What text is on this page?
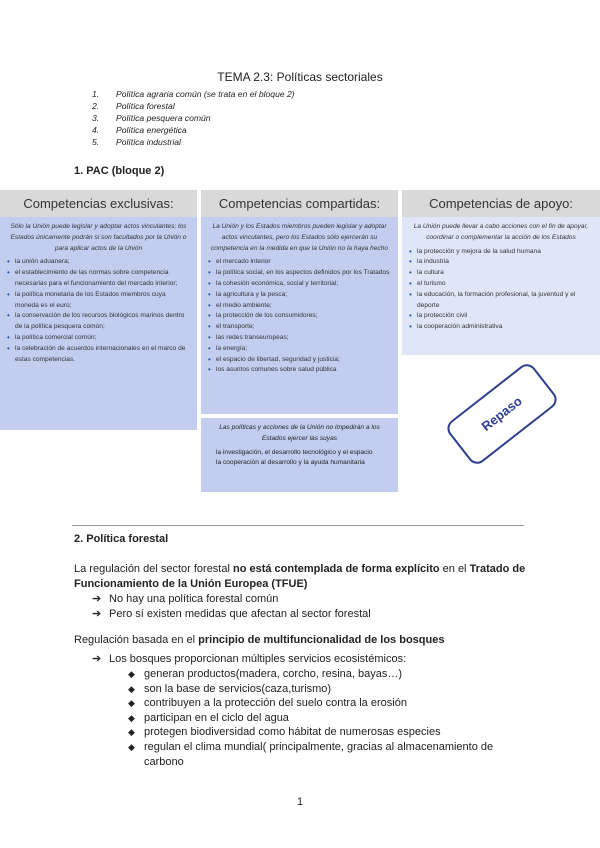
TEMA 2.3: Políticas sectoriales
1. Política agraria común (se trata en el bloque 2)
2. Política forestal
3. Política pesquera común
4. Política energética
5. Política industrial
1. PAC (bloque 2)
Competencias exclusivas:
Sólo la Unión puede legislar y adoptar actos vinculantes; los Estados únicamente podrán si son facultados por la Unión o para aplicar actos de la Unión
• la unión aduanera;
• el establecimiento de las normas sobre competencia necesarias para el funcionamiento del mercado interior;
• la política monetaria de los Estados miembros cuya moneda es el euro;
• la conservación de los recursos biológicos marinos dentro de la política pesquera común;
• la política comercial común;
• la celebración de acuerdos internacionales en el marco de estas competencias.
Competencias compartidas:
La Unión y los Estados miembros pueden legislar y adoptar actos vinculantes, pero los Estados sólo ejercerán su competencia en la medida en que la Unión no la haya hecho
• el mercado interior
• la política social, en los aspectos definidos por los Tratados
• la cohesión económica, social y territorial;
• la agricultura y la pesca;
• el medio ambiente;
• la protección de los consumidores;
• el transporte;
• las redes transeuropeas;
• la energía;
• el espacio de libertad, seguridad y justicia;
• los asuntos comunes sobre salud pública
Las políticas y acciones de la Unión no impedirán a los Estados ejercer las suyas
la investigación, el desarrollo tecnológico y el espacio
la cooperación al desarrollo y la ayuda humanitaria
Competencias de apoyo:
La Unión puede llevar a cabo acciones con el fin de apoyar, coordinar o complementar la acción de los Estados
• la protección y mejora de la salud humana
• la industria
• la cultura
• el turismo
• la educación, la formación profesional, la juventud y el deporte
• la protección civil
• la cooperación administrativa
Repaso
2. Política forestal
La regulación del sector forestal no está contemplada de forma explícito en el Tratado de Funcionamiento de la Unión Europea (TFUE)
➔ No hay una política forestal común
➔ Pero sí existen medidas que afectan al sector forestal
Regulación basada en el principio de multifuncionalidad de los bosques
➔ Los bosques proporcionan múltiples servicios ecosistémicos:
◆ generan productos(madera, corcho, resina, bayas…)
◆ son la base de servicios(caza,turismo)
◆ contribuyen a la protección del suelo contra la erosión
◆ participan en el ciclo del agua
◆ protegen biodiversidad como hábitat de numerosas especies
◆ regulan el clima mundial( principalmente, gracias al almacenamiento de carbono
1
